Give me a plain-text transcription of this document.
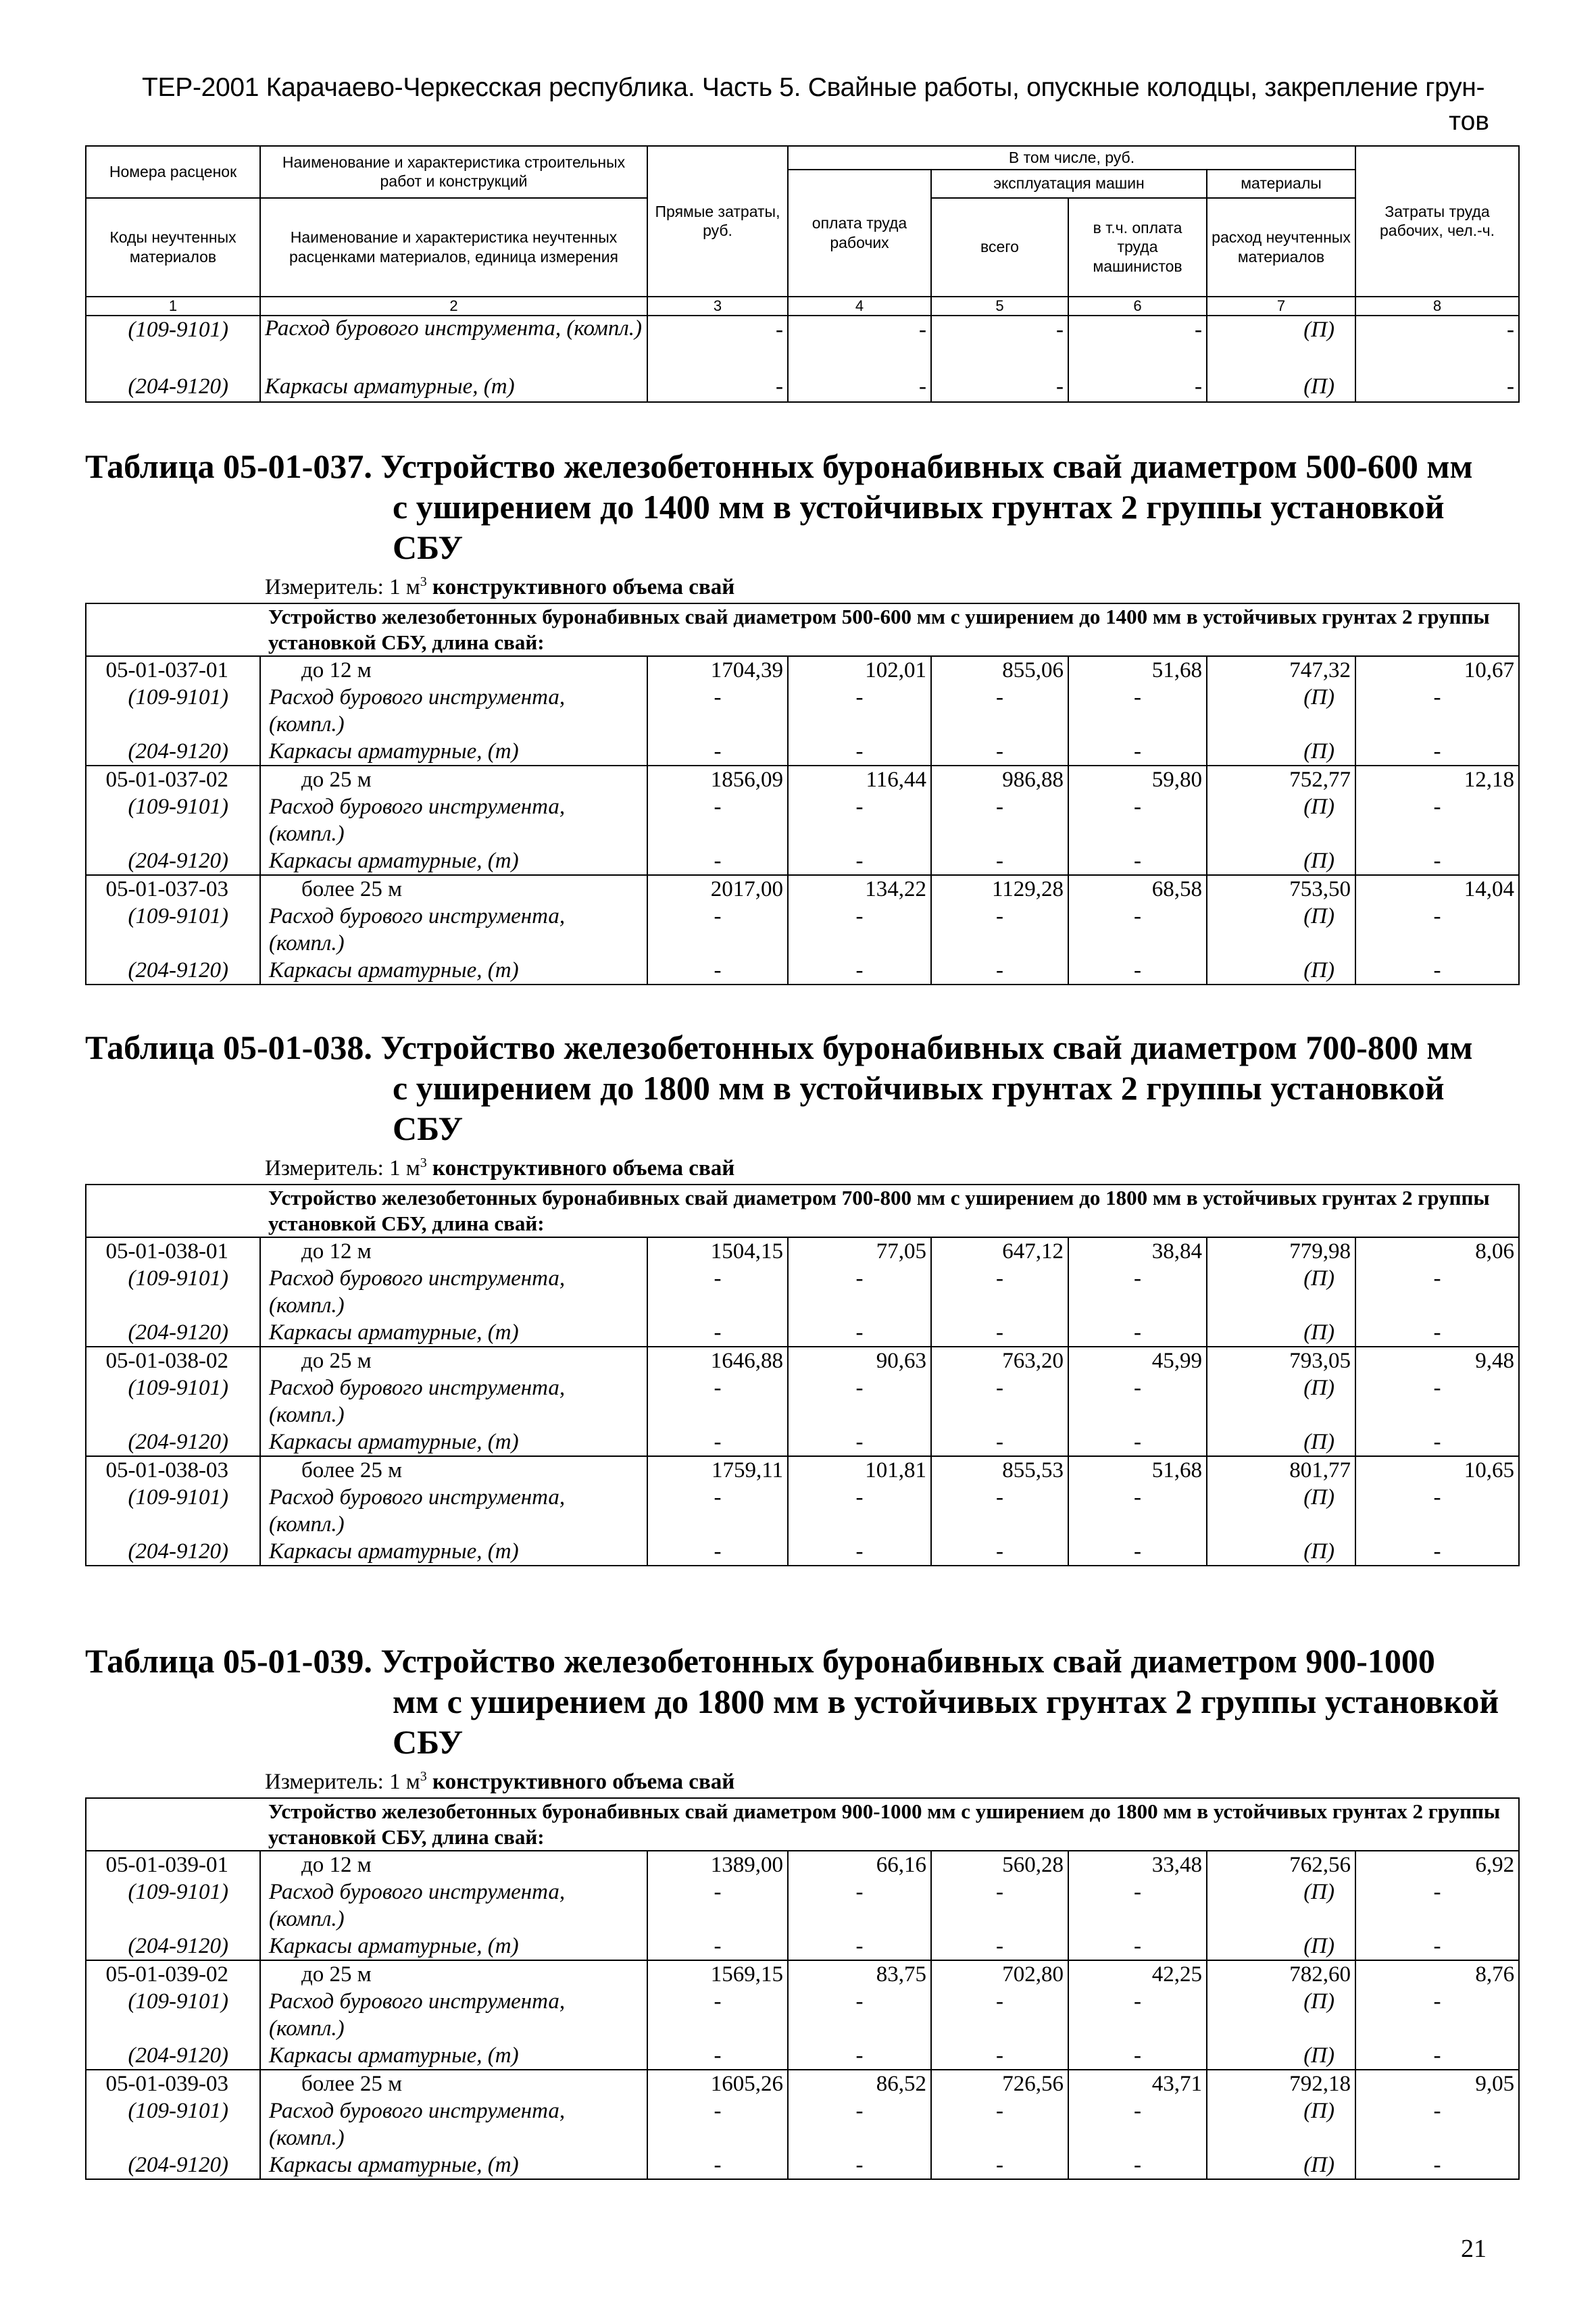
ТЕР-2001 Карачаево-Черкесская республика. Часть 5. Свайные работы, опускные колодцы, закрепление грун-
тов
Номера расценок	Наименование и характеристика строительных работ и конструкций	Прямые затраты, руб.	В том числе, руб.				Затраты труда рабочих, чел.-ч.
			оплата труда рабочих	эксплуатация машин		материалы	
Коды неучтенных материалов	Наименование и характеристика неучтенных расценками материалов, единица измерения			всего	в т.ч. оплата труда машинистов	расход неучтенных материалов	

1	2	3	4	5	6	7	8
(109-9101)	Расход бурового инструмента, (компл.)	-	-	-	-	(П)	-

(204-9120)	Каркасы арматурные, (т)	-	-	-	-	(П)	-
Таблица 05-01-037. Устройство железобетонных буронабивных свай диаметром 500-600 мм
с уширением до 1400 мм в устойчивых грунтах 2 группы установкой СБУ
Измеритель: 1 $м^3$ конструктивного объема свай
	Устройство железобетонных буронабивных свай диаметром 500-600 мм с уширением до 1400 мм в устойчивых грунтах 2 группы установкой СБУ, длина свай:						
05-01-037-01	до 12 м	1704,39	102,01	855,06	51,68	747,32	10,67
(109-9101)	Расход бурового инструмента, (компл.)	-	-	-	-	(П)	-

(204-9120)	Каркасы арматурные, (т)	-	-	-	-	(П)	-
05-01-037-02	до 25 м	1856,09	116,44	986,88	59,80	752,77	12,18
(109-9101)	Расход бурового инструмента, (компл.)	-	-	-	-	(П)	-

(204-9120)	Каркасы арматурные, (т)	-	-	-	-	(П)	-
05-01-037-03	более 25 м	2017,00	134,22	1129,28	68,58	753,50	14,04
(109-9101)	Расход бурового инструмента, (компл.)	-	-	-	-	(П)	-

(204-9120)	Каркасы арматурные, (т)	-	-	-	-	(П)	-
Таблица 05-01-038. Устройство железобетонных буронабивных свай диаметром 700-800 мм
с уширением до 1800 мм в устойчивых грунтах 2 группы установкой СБУ
Измеритель: 1 $м^3$ конструктивного объема свай
	Устройство железобетонных буронабивных свай диаметром 700-800 мм с уширением до 1800 мм в устойчивых грунтах 2 группы установкой СБУ, длина свай:						
05-01-038-01	до 12 м	1504,15	77,05	647,12	38,84	779,98	8,06
(109-9101)	Расход бурового инструмента, (компл.)	-	-	-	-	(П)	-

(204-9120)	Каркасы арматурные, (т)	-	-	-	-	(П)	-
05-01-038-02	до 25 м	1646,88	90,63	763,20	45,99	793,05	9,48
(109-9101)	Расход бурового инструмента, (компл.)	-	-	-	-	(П)	-

(204-9120)	Каркасы арматурные, (т)	-	-	-	-	(П)	-
05-01-038-03	более 25 м	1759,11	101,81	855,53	51,68	801,77	10,65
(109-9101)	Расход бурового инструмента, (компл.)	-	-	-	-	(П)	-

(204-9120)	Каркасы арматурные, (т)	-	-	-	-	(П)	-
Таблица 05-01-039. Устройство железобетонных буронабивных свай диаметром 900-1000
мм с уширением до 1800 мм в устойчивых грунтах 2 группы установкой СБУ
Измеритель: 1 $м^3$ конструктивного объема свай
	Устройство железобетонных буронабивных свай диаметром 900-1000 мм с уширением до 1800 мм в устойчивых грунтах 2 группы установкой СБУ, длина свай:						
05-01-039-01	до 12 м	1389,00	66,16	560,28	33,48	762,56	6,92
(109-9101)	Расход бурового инструмента, (компл.)	-	-	-	-	(П)	-

(204-9120)	Каркасы арматурные, (т)	-	-	-	-	(П)	-
05-01-039-02	до 25 м	1569,15	83,75	702,80	42,25	782,60	8,76
(109-9101)	Расход бурового инструмента, (компл.)	-	-	-	-	(П)	-

(204-9120)	Каркасы арматурные, (т)	-	-	-	-	(П)	-
05-01-039-03	более 25 м	1605,26	86,52	726,56	43,71	792,18	9,05
(109-9101)	Расход бурового инструмента, (компл.)	-	-	-	-	(П)	-

(204-9120)	Каркасы арматурные, (т)	-	-	-	-	(П)	-
21
